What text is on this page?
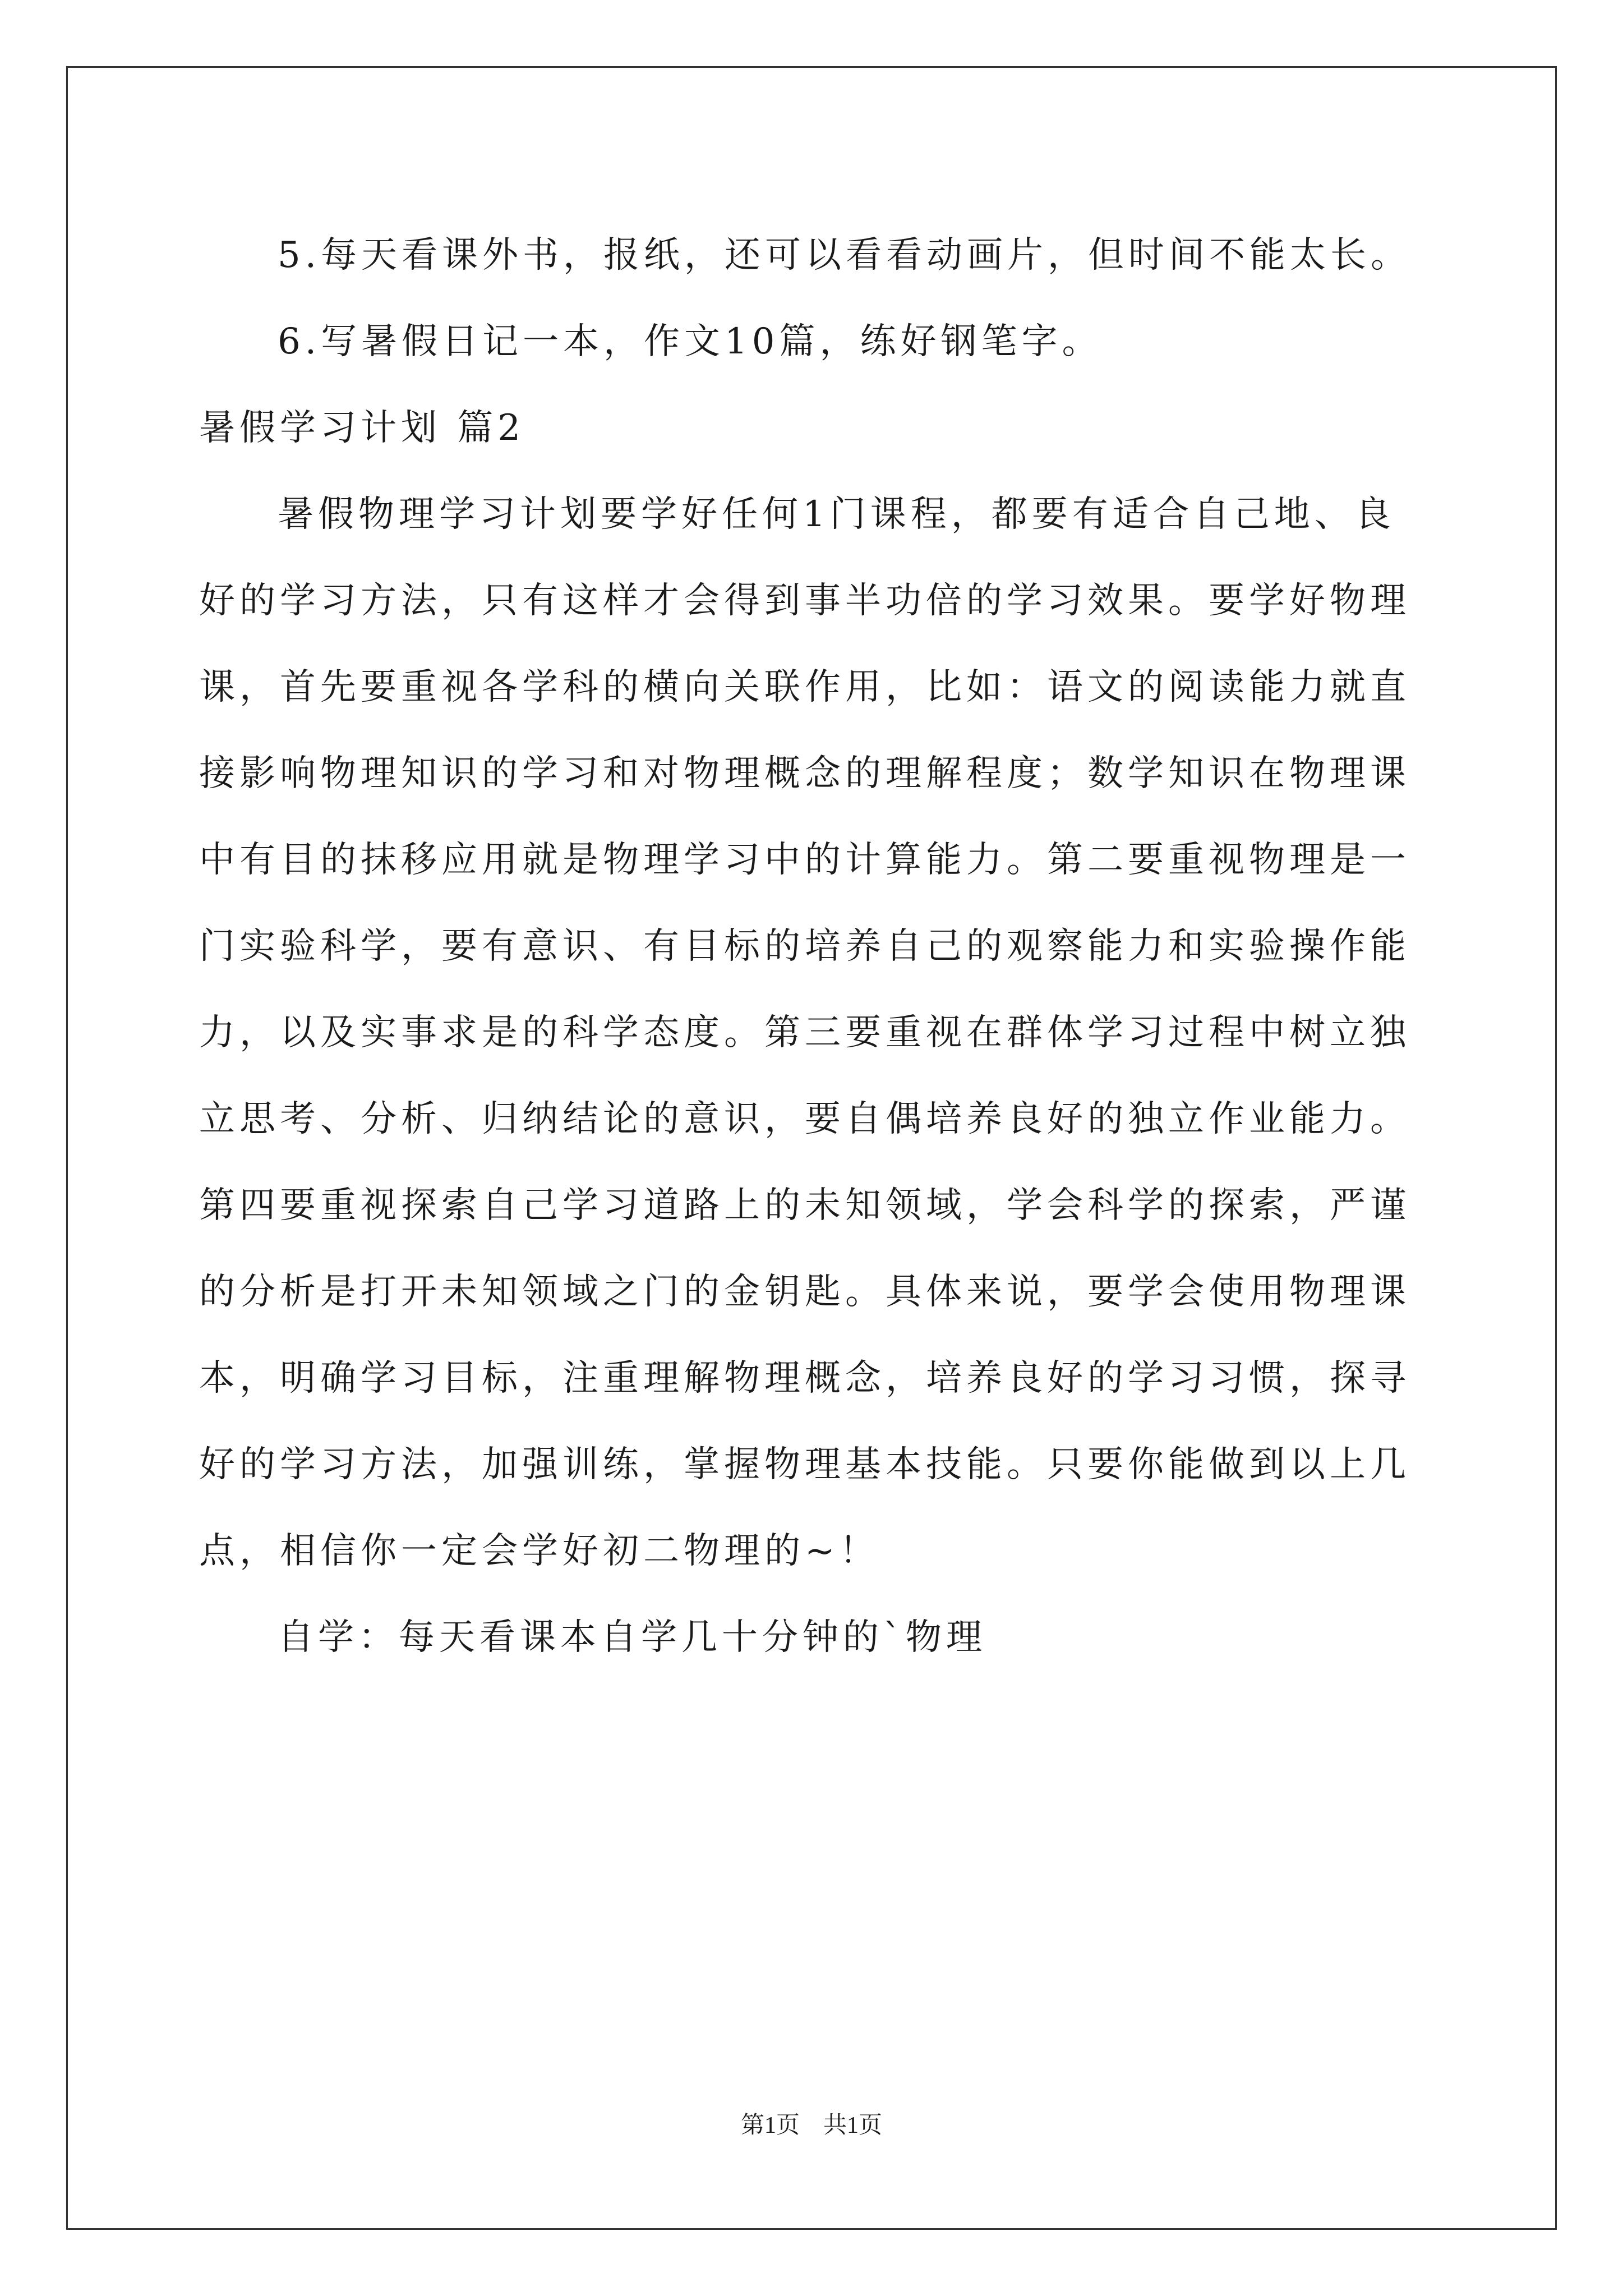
5.每天看课外书，报纸，还可以看看动画片，但时间不能太长。

6.写暑假日记一本，作文10篇，练好钢笔字。

暑假学习计划 篇2

暑假物理学习计划要学好任何1门课程，都要有适合自己地、良

好的学习方法，只有这样才会得到事半功倍的学习效果。要学好物理

课，首先要重视各学科的横向关联作用，比如：语文的阅读能力就直

接影响物理知识的学习和对物理概念的理解程度；数学知识在物理课

中有目的抹移应用就是物理学习中的计算能力。第二要重视物理是一

门实验科学，要有意识、有目标的培养自己的观察能力和实验操作能

力，以及实事求是的科学态度。第三要重视在群体学习过程中树立独

立思考、分析、归纳结论的意识，要自偶培养良好的独立作业能力。

第四要重视探索自己学习道路上的未知领域，学会科学的探索，严谨

的分析是打开未知领域之门的金钥匙。具体来说，要学会使用物理课

本，明确学习目标，注重理解物理概念，培养良好的学习习惯，探寻

好的学习方法，加强训练，掌握物理基本技能。只要你能做到以上几

点，相信你一定会学好初二物理的~！

自学：每天看课本自学几十分钟的`物理

第1页　共1页
